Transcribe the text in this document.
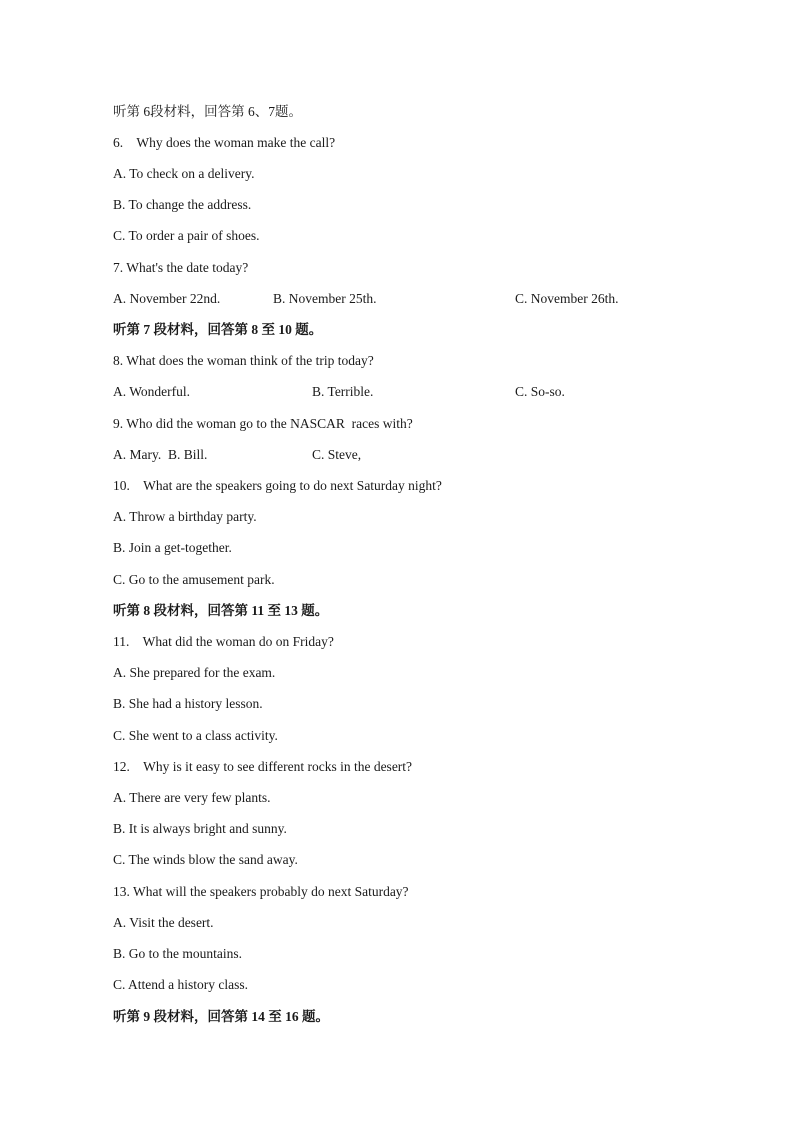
听第 6段材料，回答第 6、7题。
6.    Why does the woman make the call?
A. To check on a delivery.
B. To change the address.
C. To order a pair of shoes.
7. What's the date today?

A. November 22nd.

	B. November 25th.

	C. November 26th.

听第 7 段材料，回答第 8 至 10 题。
8. What does the woman think of the trip today?

A. Wonderful.

	B. Terrible.

	C. So-so.

9. Who did the woman go to the NASCAR  races with?

A. Mary.  B. Bill.

	C. Steve,

10.    What are the speakers going to do next Saturday night?
A. Throw a birthday party.
B. Join a get-together.
C. Go to the amusement park.
听第 8 段材料，回答第 11 至 13 题。
11.    What did the woman do on Friday?
A. She prepared for the exam.
B. She had a history lesson.
C. She went to a class activity.
12.    Why is it easy to see different rocks in the desert?
A. There are very few plants.
B. It is always bright and sunny.
C. The winds blow the sand away.
13. What will the speakers probably do next Saturday?
A. Visit the desert.
B. Go to the mountains.
C. Attend a history class.
听第 9 段材料，回答第 14 至 16 题。
